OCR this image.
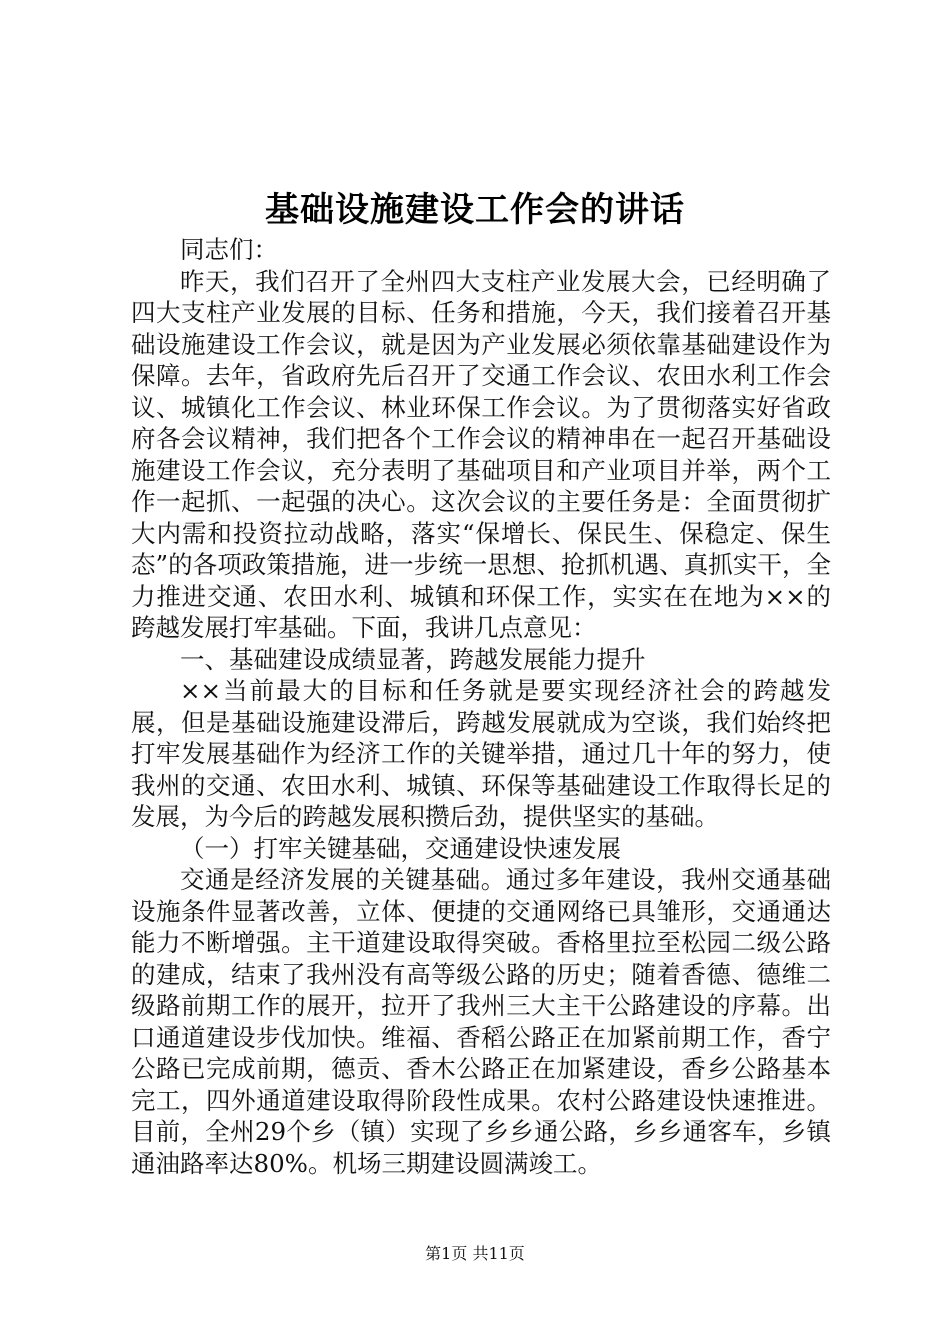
基础设施建设工作会的讲话

同志们：

昨天，我们召开了全州四大支柱产业发展大会，已经明确了四大支柱产业发展的目标、任务和措施，今天，我们接着召开基础设施建设工作会议，就是因为产业发展必须依靠基础建设作为保障。去年，省政府先后召开了交通工作会议、农田水利工作会议、城镇化工作会议、林业环保工作会议。为了贯彻落实好省政府各会议精神，我们把各个工作会议的精神串在一起召开基础设施建设工作会议，充分表明了基础项目和产业项目并举，两个工作一起抓、一起强的决心。这次会议的主要任务是：全面贯彻扩大内需和投资拉动战略，落实“保增长、保民生、保稳定、保生态”的各项政策措施，进一步统一思想、抢抓机遇、真抓实干，全力推进交通、农田水利、城镇和环保工作，实实在在地为××的跨越发展打牢基础。下面，我讲几点意见：

一、基础建设成绩显著，跨越发展能力提升

××当前最大的目标和任务就是要实现经济社会的跨越发展，但是基础设施建设滞后，跨越发展就成为空谈，我们始终把打牢发展基础作为经济工作的关键举措，通过几十年的努力，使我州的交通、农田水利、城镇、环保等基础建设工作取得长足的发展，为今后的跨越发展积攒后劲，提供坚实的基础。

（一）打牢关键基础，交通建设快速发展

交通是经济发展的关键基础。通过多年建设，我州交通基础设施条件显著改善，立体、便捷的交通网络已具雏形，交通通达能力不断增强。主干道建设取得突破。香格里拉至松园二级公路的建成，结束了我州没有高等级公路的历史；随着香德、德维二级路前期工作的展开，拉开了我州三大主干公路建设的序幕。出口通道建设步伐加快。维福、香稻公路正在加紧前期工作，香宁公路已完成前期，德贡、香木公路正在加紧建设，香乡公路基本完工，四外通道建设取得阶段性成果。农村公路建设快速推进。目前，全州29个乡（镇）实现了乡乡通公路，乡乡通客车，乡镇通油路率达80%。机场三期建设圆满竣工。

第1页 共11页
